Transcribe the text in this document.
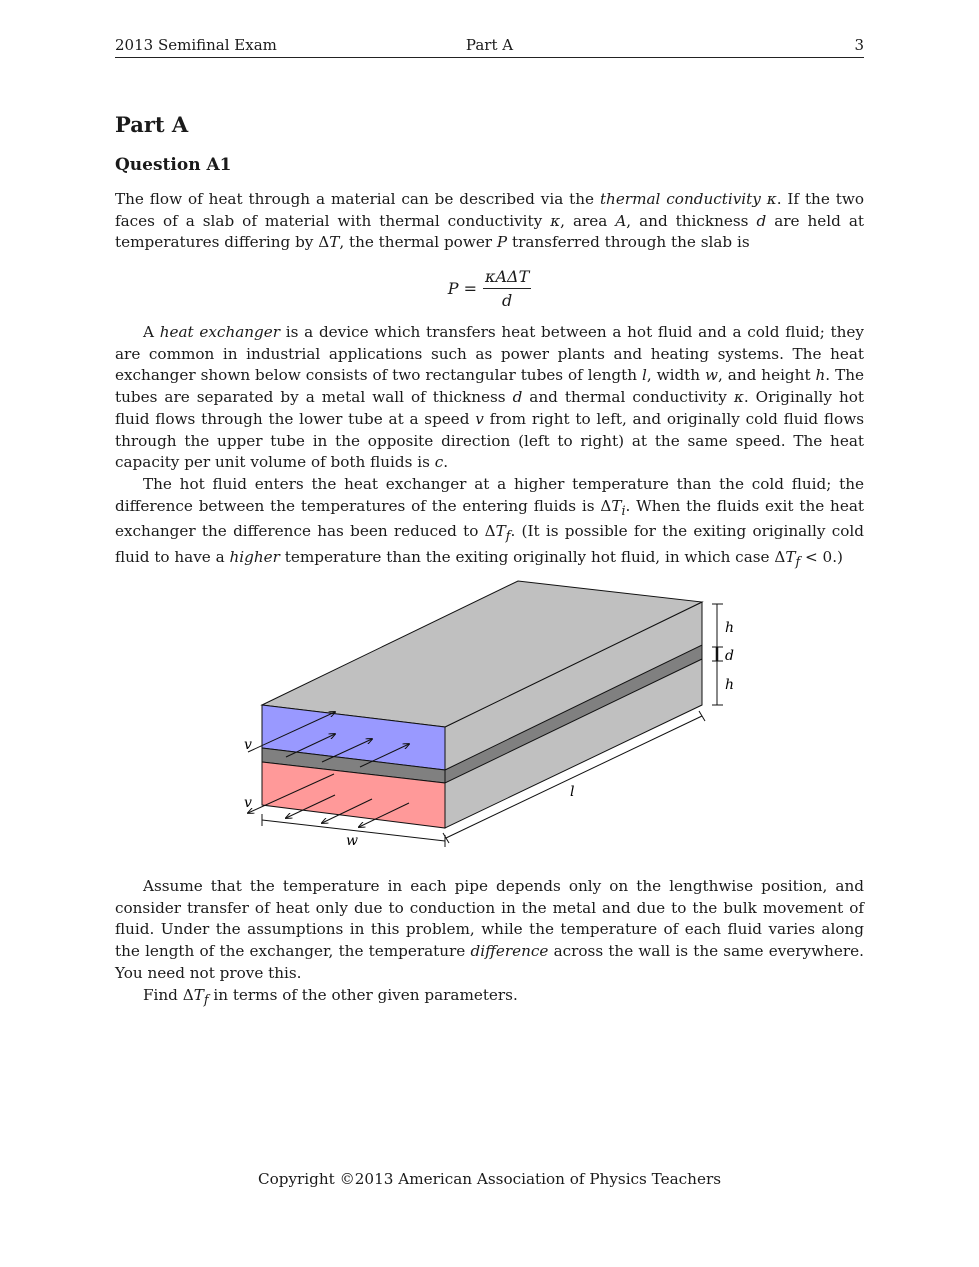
2013 Semifinal Exam	Part A	3
Part A
Question A1

The flow of heat through a material can be described via the thermal conductivity κ. If the two faces of a slab of material with thermal conductivity κ, area A, and thickness d are held at temperatures differing by ΔT, the thermal power P transferred through the slab is

$P = \frac{\text{κAΔT}}{d}$

A heat exchanger is a device which transfers heat between a hot fluid and a cold fluid; they are common in industrial applications such as power plants and heating systems. The heat exchanger shown below consists of two rectangular tubes of length l, width w, and height h. The tubes are separated by a metal wall of thickness d and thermal conductivity κ. Originally hot fluid flows through the lower tube at a speed v from right to left, and originally cold fluid flows through the upper tube in the opposite direction (left to right) at the same speed. The heat capacity per unit volume of both fluids is c.

The hot fluid enters the heat exchanger at a higher temperature than the cold fluid; the difference between the temperatures of the entering fluids is $\Delta T_i$. When the fluids exit the heat exchanger the difference has been reduced to $\Delta T_f$. (It is possible for the exiting originally cold fluid to have a higher temperature than the exiting originally hot fluid, in which case $\Delta T_f < 0$.)

v
v
h
d
h
l
w

Assume that the temperature in each pipe depends only on the lengthwise position, and consider transfer of heat only due to conduction in the metal and due to the bulk movement of fluid. Under the assumptions in this problem, while the temperature of each fluid varies along the length of the exchanger, the temperature difference across the wall is the same everywhere. You need not prove this.

Find $\Delta T_f$ in terms of the other given parameters.

Copyright ©2013 American Association of Physics Teachers
